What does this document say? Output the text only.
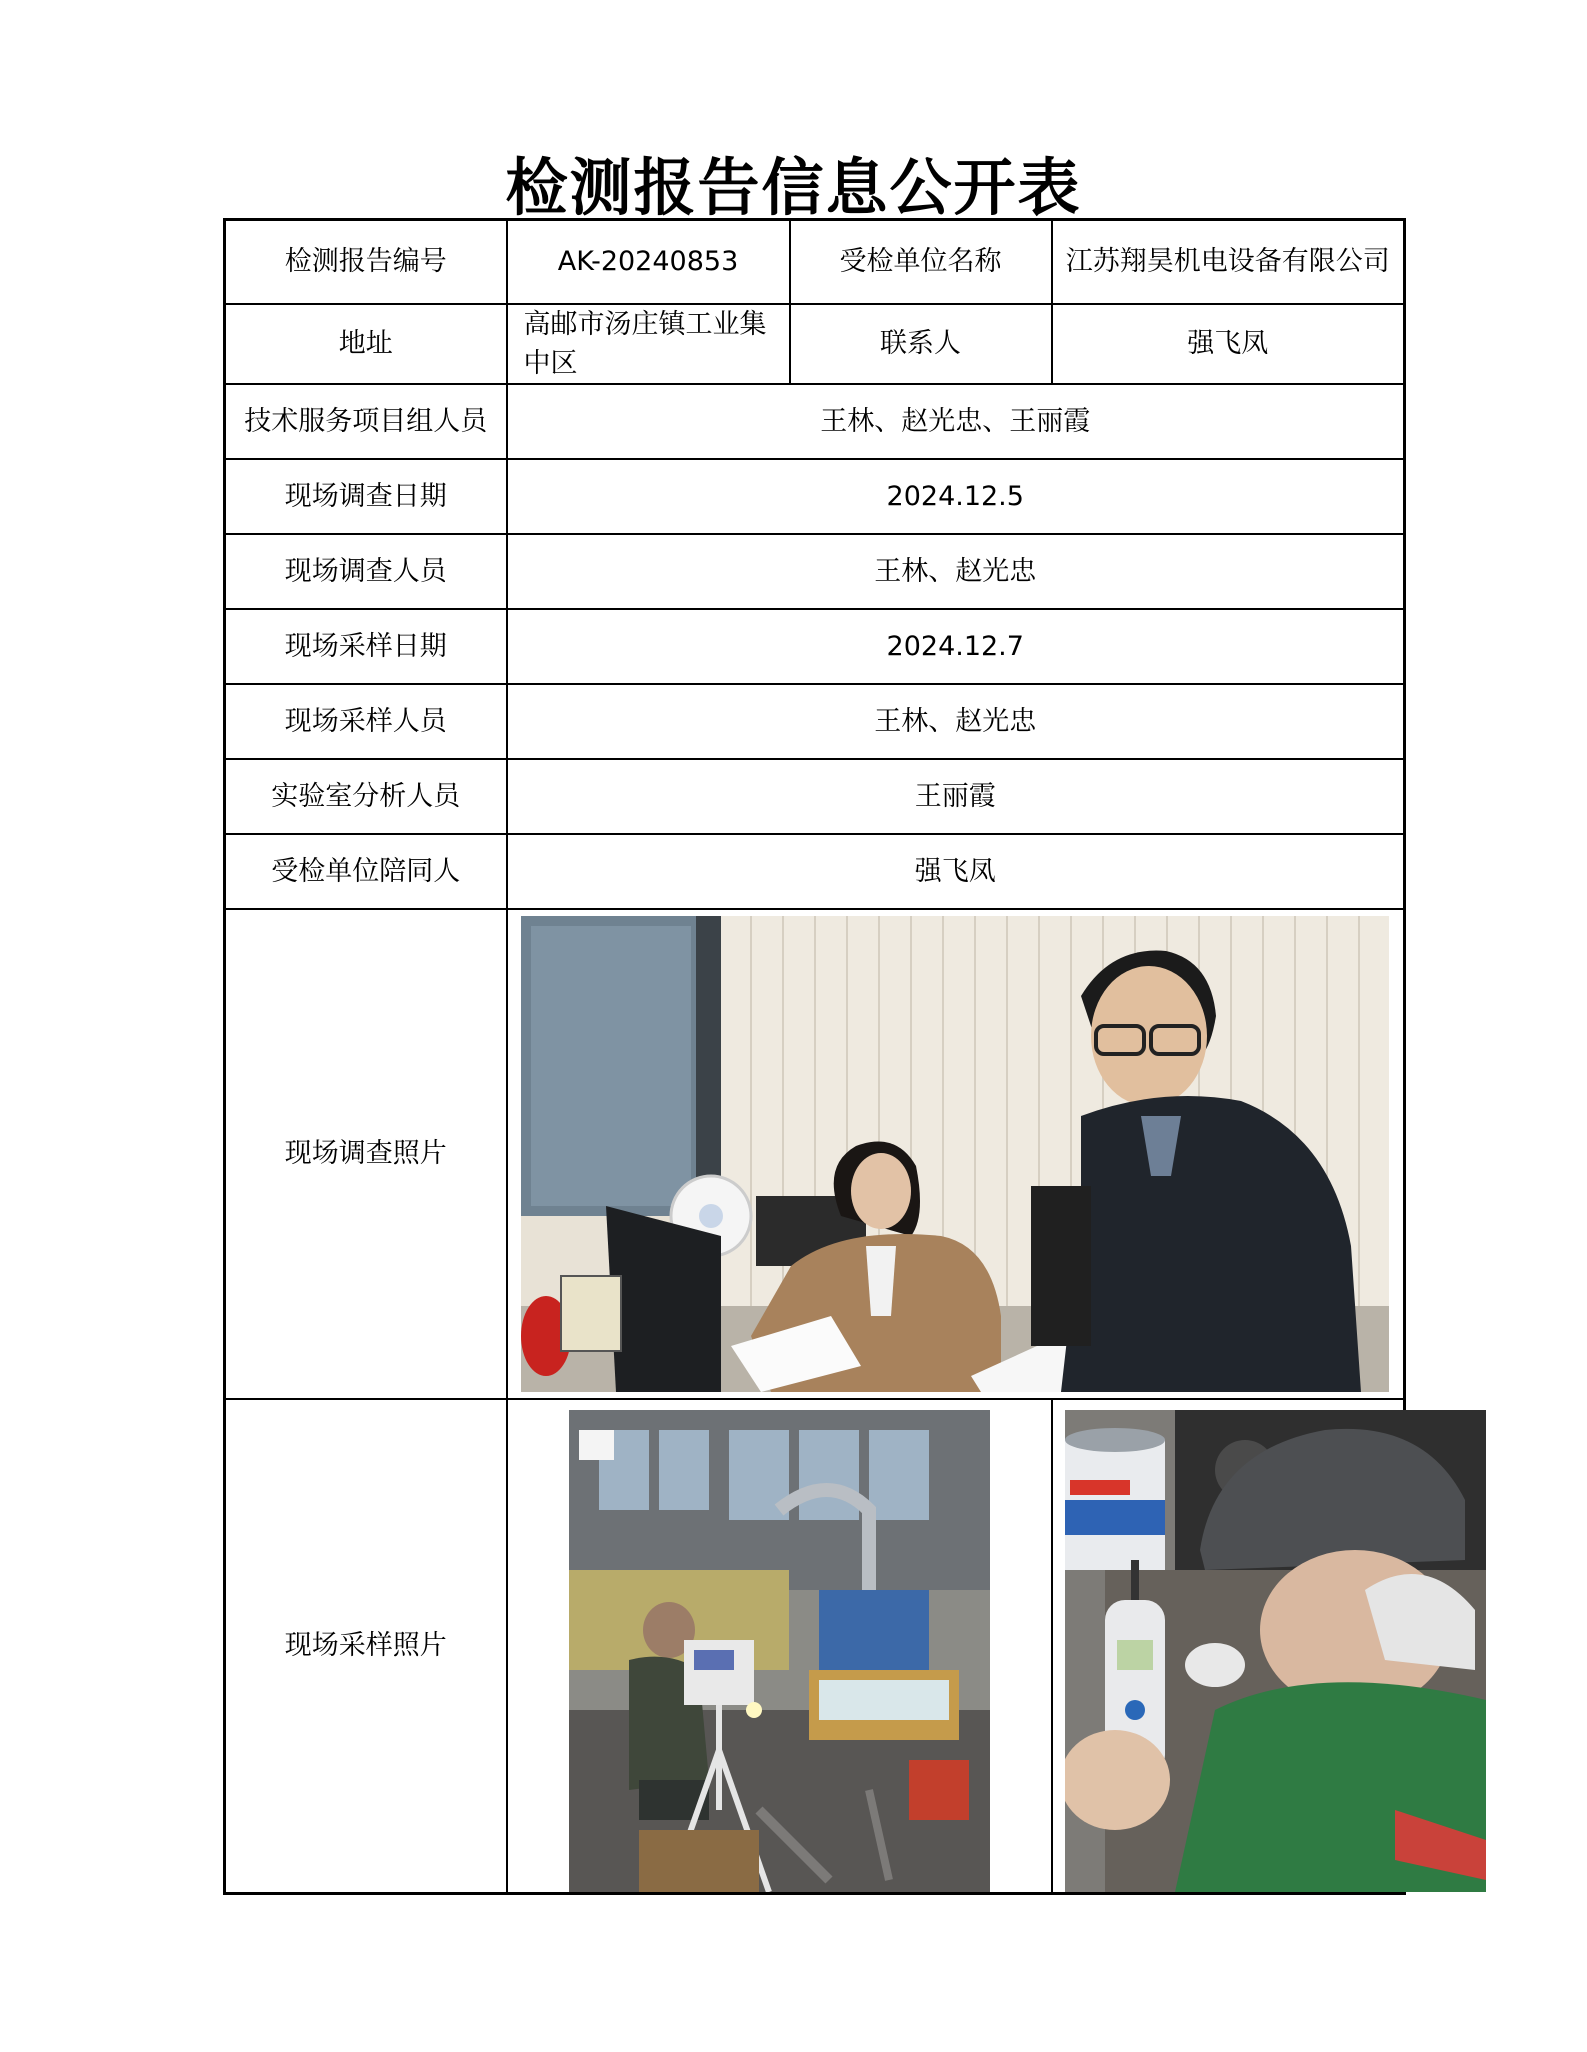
检测报告信息公开表
检测报告编号	AK-20240853	受检单位名称	江苏翔昊机电设备有限公司
地址	高邮市汤庄镇工业集中区	联系人	强飞凤
技术服务项目组人员	王林、赵光忠、王丽霞		
现场调查日期	2024.12.5		
现场调查人员	王林、赵光忠		
现场采样日期	2024.12.7		
现场采样人员	王林、赵光忠		
实验室分析人员	王丽霞		
受检单位陪同人	强飞凤		
现场调查照片	

现场采样照片	
